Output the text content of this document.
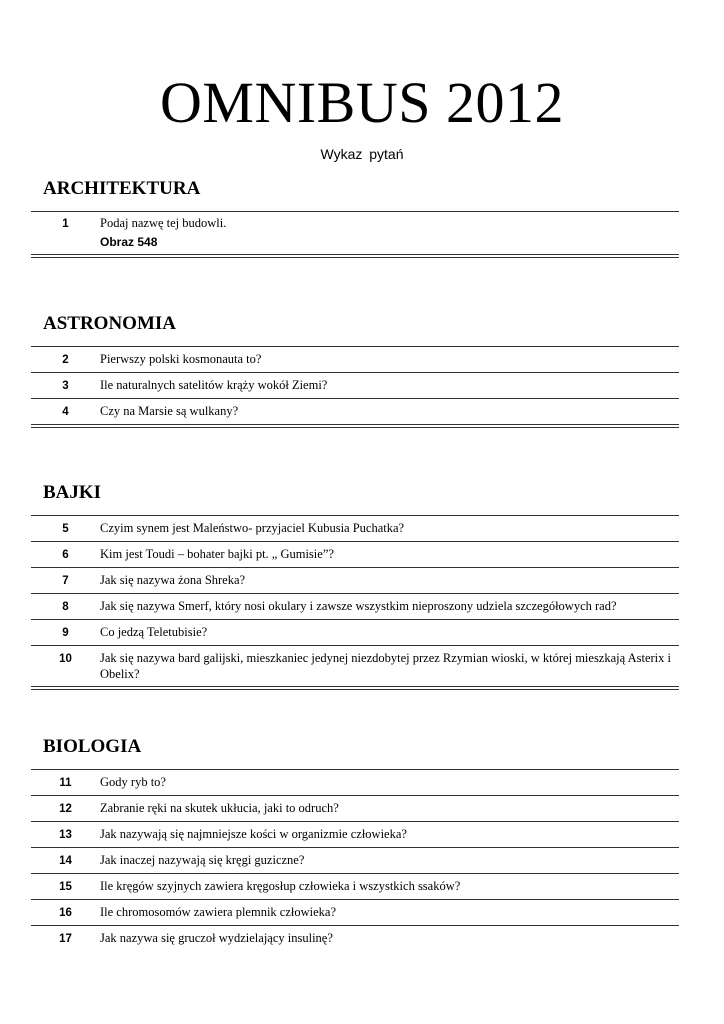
OMNIBUS 2012
Wykaz pytań
ARCHITEKTURA
1	Podaj nazwę tej budowli.
Obraz 548
ASTRONOMIA
2	Pierwszy polski kosmonauta to?
3	Ile naturalnych satelitów krąży wokół Ziemi?
4	Czy na Marsie są wulkany?
BAJKI
5	Czyim synem jest Maleństwo- przyjaciel Kubusia Puchatka?
6	Kim jest Toudi – bohater bajki pt. „ Gumisie”?
7	Jak się nazywa żona Shreka?
8	Jak się nazywa Smerf, który nosi okulary i zawsze wszystkim nieproszony udziela szczegółowych rad?
9	Co jedzą Teletubisie?
10	Jak się nazywa bard galijski, mieszkaniec jedynej niezdobytej przez Rzymian wioski, w której mieszkają Asterix i Obelix?
BIOLOGIA
11	Gody ryb to?
12	Zabranie ręki na skutek ukłucia, jaki to odruch?
13	Jak nazywają się najmniejsze kości w organizmie człowieka?
14	Jak inaczej nazywają się kręgi guziczne?
15	Ile kręgów szyjnych zawiera kręgosłup człowieka i wszystkich ssaków?
16	Ile chromosomów zawiera plemnik człowieka?
17	Jak nazywa się gruczoł wydzielający insulinę?
